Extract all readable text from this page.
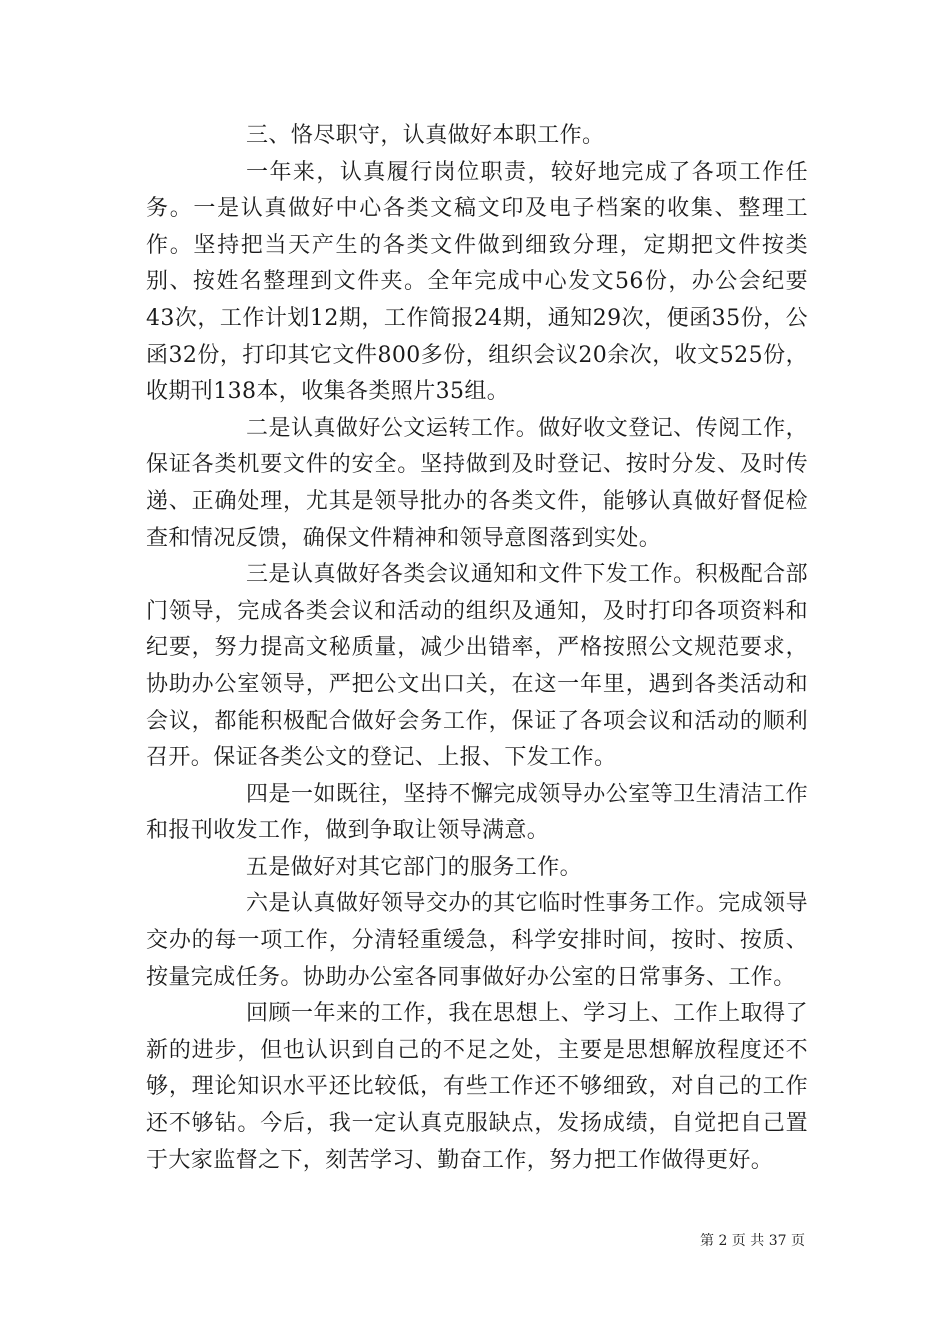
三、恪尽职守，认真做好本职工作。

一年来，认真履行岗位职责，较好地完成了各项工作任务。一是认真做好中心各类文稿文印及电子档案的收集、整理工作。坚持把当天产生的各类文件做到细致分理，定期把文件按类别、按姓名整理到文件夹。全年完成中心发文56份，办公会纪要43次，工作计划12期，工作简报24期，通知29次，便函35份，公函32份，打印其它文件800多份，组织会议20余次，收文525份，收期刊138本，收集各类照片35组。

二是认真做好公文运转工作。做好收文登记、传阅工作，保证各类机要文件的安全。坚持做到及时登记、按时分发、及时传递、正确处理，尤其是领导批办的各类文件，能够认真做好督促检查和情况反馈，确保文件精神和领导意图落到实处。

三是认真做好各类会议通知和文件下发工作。积极配合部门领导，完成各类会议和活动的组织及通知，及时打印各项资料和纪要，努力提高文秘质量，减少出错率，严格按照公文规范要求，协助办公室领导，严把公文出口关，在这一年里，遇到各类活动和会议，都能积极配合做好会务工作，保证了各项会议和活动的顺利召开。保证各类公文的登记、上报、下发工作。

四是一如既往，坚持不懈完成领导办公室等卫生清洁工作和报刊收发工作，做到争取让领导满意。

五是做好对其它部门的服务工作。

六是认真做好领导交办的其它临时性事务工作。完成领导交办的每一项工作，分清轻重缓急，科学安排时间，按时、按质、按量完成任务。协助办公室各同事做好办公室的日常事务、工作。

回顾一年来的工作，我在思想上、学习上、工作上取得了新的进步，但也认识到自己的不足之处，主要是思想解放程度还不够，理论知识水平还比较低，有些工作还不够细致，对自己的工作还不够钻。今后，我一定认真克服缺点，发扬成绩，自觉把自己置于大家监督之下，刻苦学习、勤奋工作，努力把工作做得更好。

第 2 页 共 37 页
